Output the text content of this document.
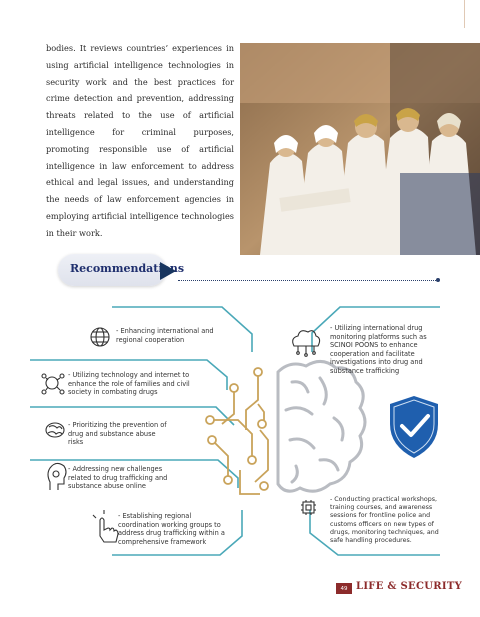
bodies. It reviews countries’ experiences in using artificial intelligence technologies in security work and the best practices for crime detection and prevention, addressing threats related to the use of artificial intelligence for criminal purposes, promoting responsible use of artificial intelligence in law enforcement to address ethical and legal issues, and understanding the needs of law enforcement agencies in employing artificial intelligence technologies in their work.
Recommendations
- Enhancing international and regional cooperation
- Utilizing technology and internet to enhance the role of families and civil society in combating drugs
- Prioritizing the prevention of drug and substance abuse risks
- Addressing new challenges related to drug trafficking and substance abuse online
- Establishing regional coordination working groups to address drug trafficking within a comprehensive framework
- Utilizing international drug monitoring platforms such as SCINOI POONS to enhance cooperation and facilitate investigations into drug and substance trafficking
- Conducting practical workshops, training courses, and awareness sessions for frontline police and customs officers on new types of drugs, monitoring techniques, and safe handling procedures.
49 LIFE & SECURITY
